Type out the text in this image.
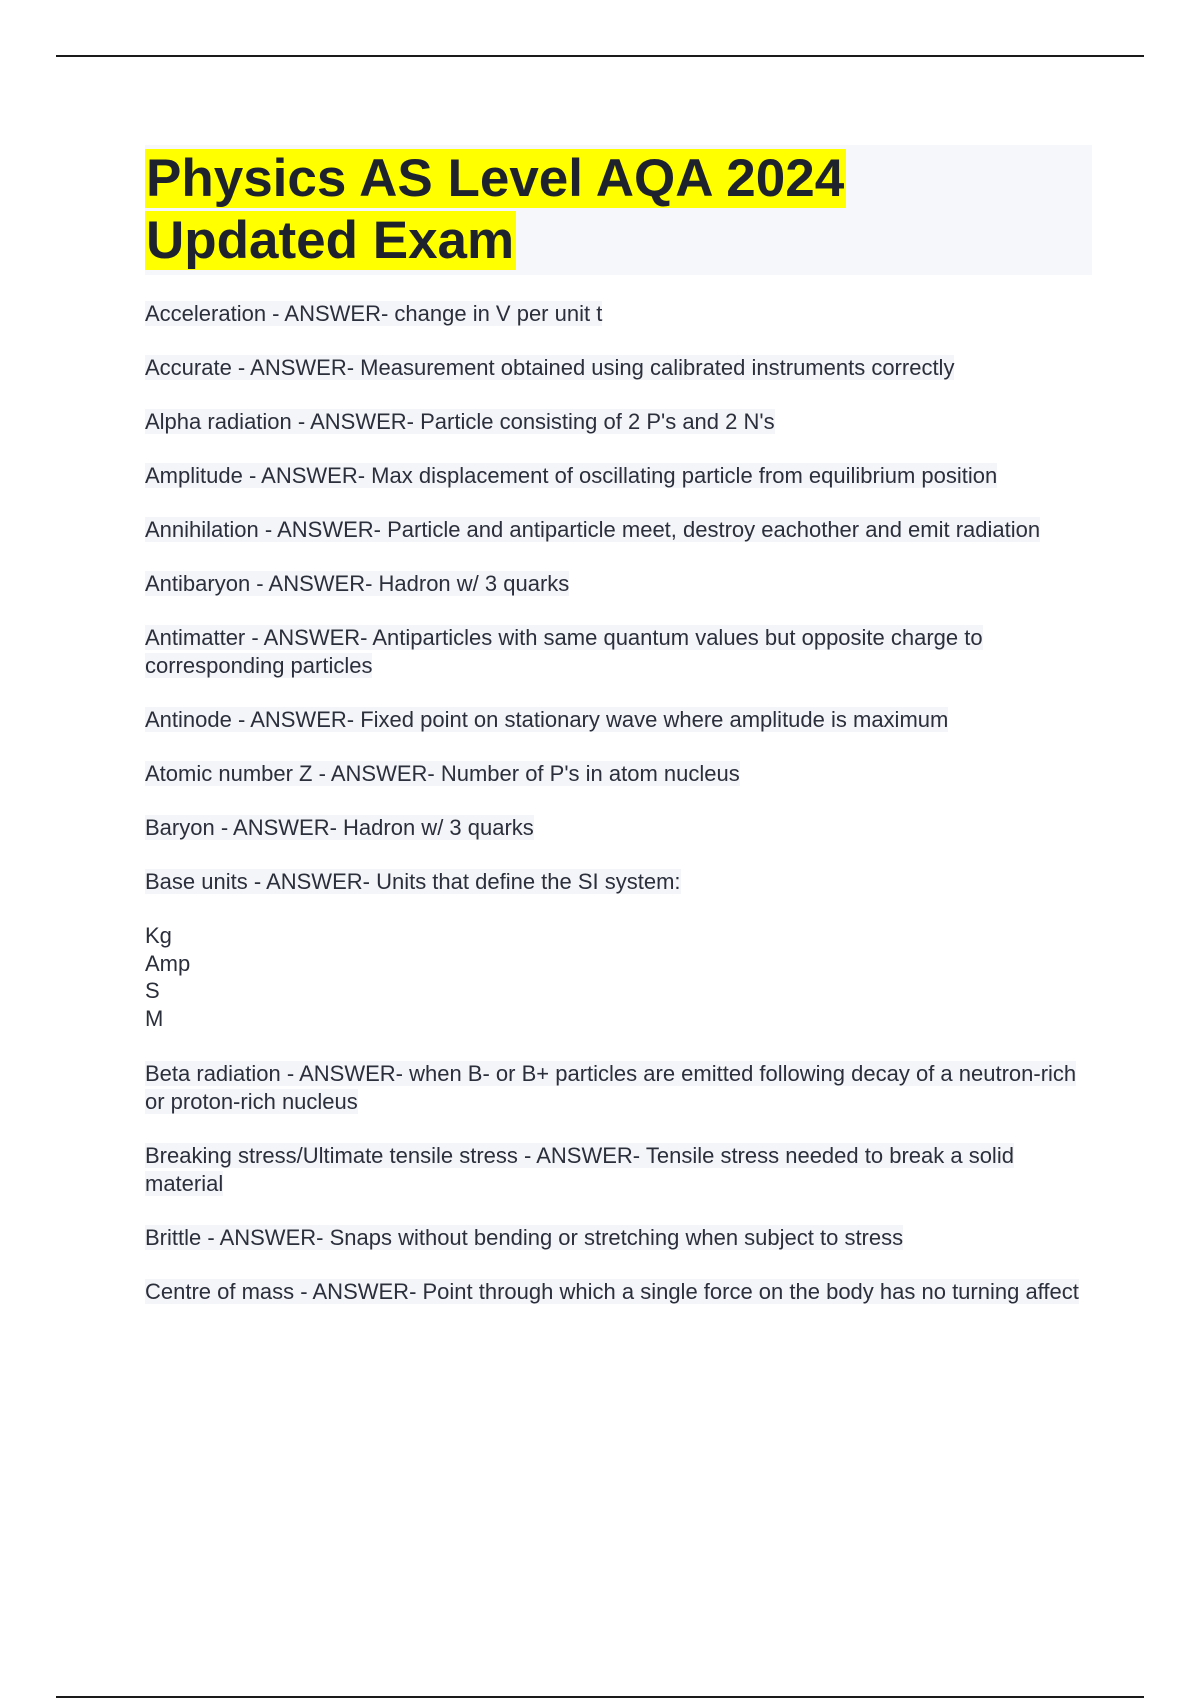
Physics AS Level AQA 2024
Updated Exam

Acceleration - ANSWER- change in V per unit t

Accurate - ANSWER- Measurement obtained using calibrated instruments correctly

Alpha radiation - ANSWER- Particle consisting of 2 P's and 2 N's

Amplitude - ANSWER- Max displacement of oscillating particle from equilibrium position

Annihilation - ANSWER- Particle and antiparticle meet, destroy eachother and emit radiation

Antibaryon - ANSWER- Hadron w/ 3 quarks

Antimatter - ANSWER- Antiparticles with same quantum values but opposite charge to corresponding particles

Antinode - ANSWER- Fixed point on stationary wave where amplitude is maximum

Atomic number Z - ANSWER- Number of P's in atom nucleus

Baryon - ANSWER- Hadron w/ 3 quarks

Base units - ANSWER- Units that define the SI system:

Kg
Amp
S
M

Beta radiation - ANSWER- when B- or B+ particles are emitted following decay of a neutron-rich or proton-rich nucleus

Breaking stress/Ultimate tensile stress - ANSWER- Tensile stress needed to break a solid material

Brittle - ANSWER- Snaps without bending or stretching when subject to stress

Centre of mass - ANSWER- Point through which a single force on the body has no turning affect
